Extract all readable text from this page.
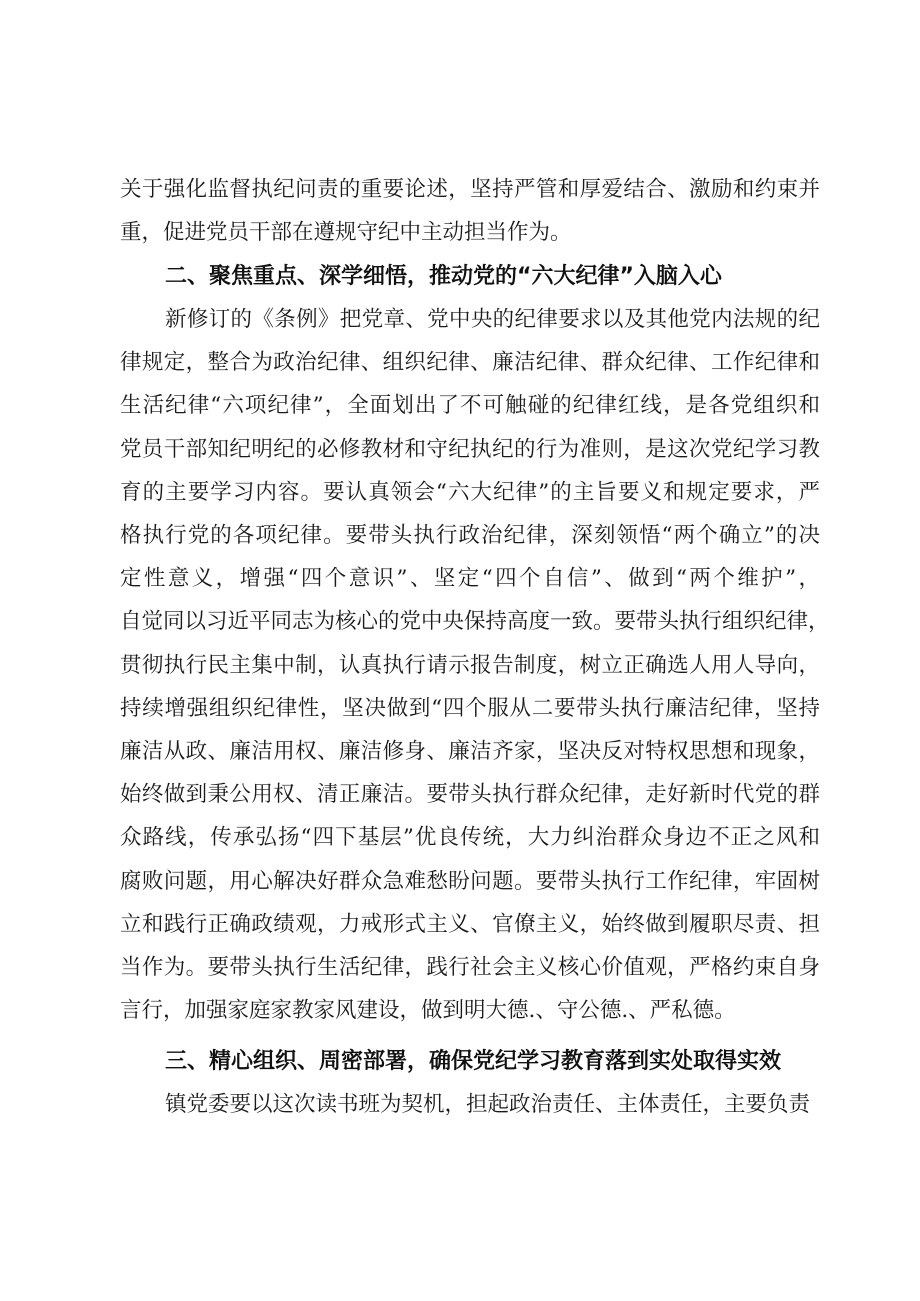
关于强化监督执纪问责的重要论述，坚持严管和厚爱结合、激励和约束并
重，促进党员干部在遵规守纪中主动担当作为。
二、聚焦重点、深学细悟，推动党的“六大纪律”入脑入心
新修订的《条例》把党章、党中央的纪律要求以及其他党内法规的纪
律规定，整合为政治纪律、组织纪律、廉洁纪律、群众纪律、工作纪律和
生活纪律“六项纪律”，全面划出了不可触碰的纪律红线，是各党组织和
党员干部知纪明纪的必修教材和守纪执纪的行为准则，是这次党纪学习教
育的主要学习内容。要认真领会“六大纪律”的主旨要义和规定要求，严
格执行党的各项纪律。要带头执行政治纪律，深刻领悟“两个确立”的决
定性意义，增强“四个意识”、坚定“四个自信”、做到“两个维护”，
自觉同以习近平同志为核心的党中央保持高度一致。要带头执行组织纪律，
贯彻执行民主集中制，认真执行请示报告制度，树立正确选人用人导向，
持续增强组织纪律性，坚决做到“四个服从二要带头执行廉洁纪律，坚持
廉洁从政、廉洁用权、廉洁修身、廉洁齐家，坚决反对特权思想和现象，
始终做到秉公用权、清正廉洁。要带头执行群众纪律，走好新时代党的群
众路线，传承弘扬“四下基层”优良传统，大力纠治群众身边不正之风和
腐败问题，用心解决好群众急难愁盼问题。要带头执行工作纪律，牢固树
立和践行正确政绩观，力戒形式主义、官僚主义，始终做到履职尽责、担
当作为。要带头执行生活纪律，践行社会主义核心价值观，严格约束自身
言行，加强家庭家教家风建设，做到明大德.、守公德.、严私德。
三、精心组织、周密部署，确保党纪学习教育落到实处取得实效
镇党委要以这次读书班为契机，担起政治责任、主体责任，主要负责
